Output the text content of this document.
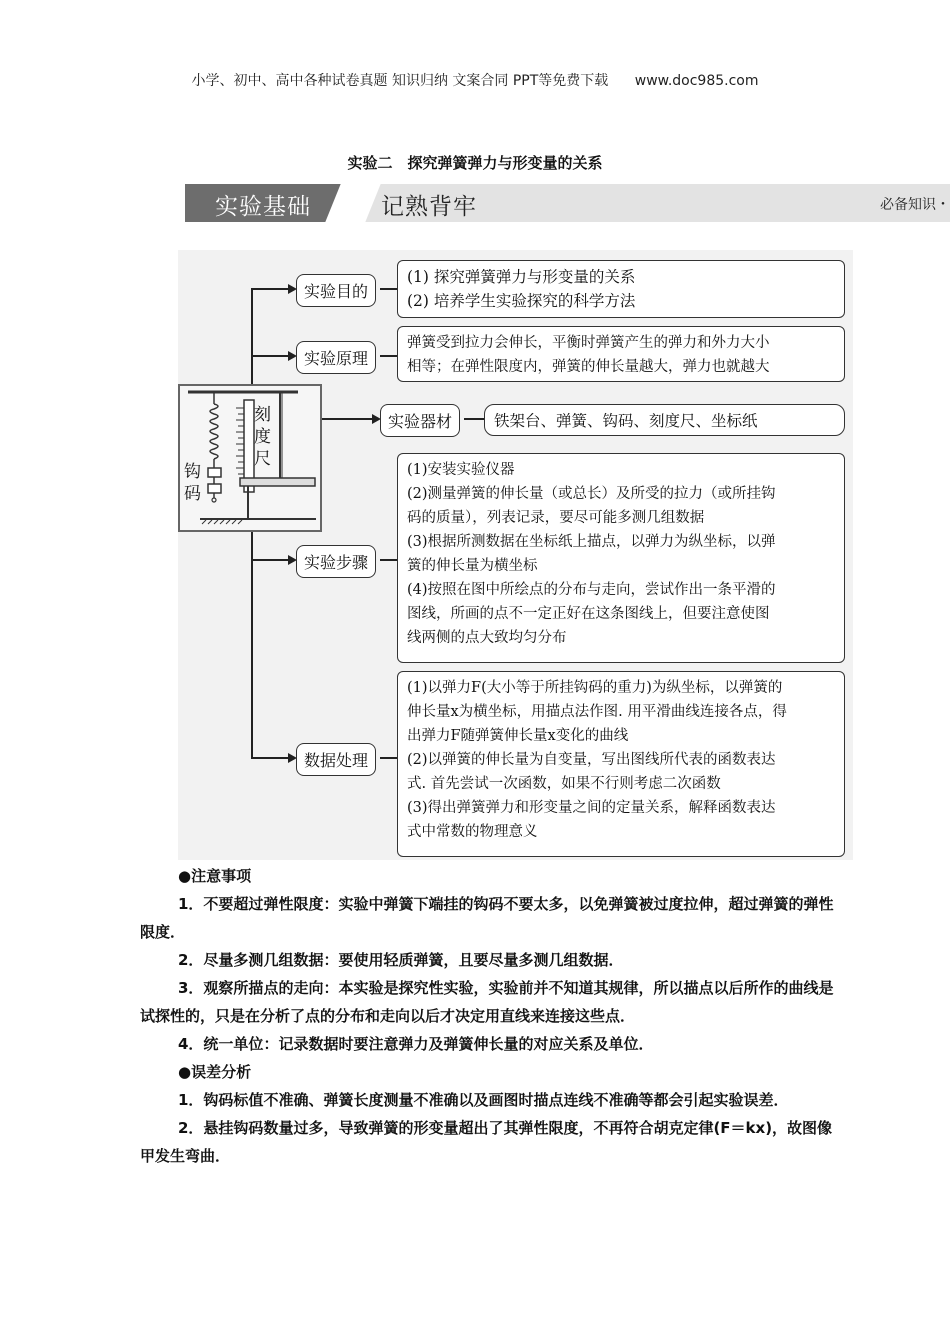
小学、初中、高中各种试卷真题 知识归纳 文案合同 PPT等免费下载 www.doc985.com
实验二　探究弹簧弹力与形变量的关系
实验基础	记熟背牢	必备知识・
刻度尺
钩码
实验目的
实验原理
实验器材
实验步骤
数据处理

(1) 探究弹簧弹力与形变量的关系

(2) 培养学生实验探究的科学方法

弹簧受到拉力会伸长，平衡时弹簧产生的弹力和外力大小

相等；在弹性限度内，弹簧的伸长量越大，弹力也就越大

铁架台、弹簧、钩码、刻度尺、坐标纸

(1)安装实验仪器

(2)测量弹簧的伸长量（或总长）及所受的拉力（或所挂钩

码的质量），列表记录，要尽可能多测几组数据

(3)根据所测数据在坐标纸上描点，以弹力为纵坐标，以弹

簧的伸长量为横坐标

(4)按照在图中所绘点的分布与走向，尝试作出一条平滑的

图线，所画的点不一定正好在这条图线上，但要注意使图

线两侧的点大致均匀分布

(1)以弹力F(大小等于所挂钩码的重力)为纵坐标，以弹簧的

伸长量x为横坐标，用描点法作图. 用平滑曲线连接各点，得

出弹力F随弹簧伸长量x变化的曲线

(2)以弹簧的伸长量为自变量，写出图线所代表的函数表达

式. 首先尝试一次函数，如果不行则考虑二次函数

(3)得出弹簧弹力和形变量之间的定量关系，解释函数表达

式中常数的物理意义

●注意事项

1．不要超过弹性限度：实验中弹簧下端挂的钩码不要太多，以免弹簧被过度拉伸，超过弹簧的弹性限度．

2．尽量多测几组数据：要使用轻质弹簧，且要尽量多测几组数据．

3．观察所描点的走向：本实验是探究性实验，实验前并不知道其规律，所以描点以后所作的曲线是试探性的，只是在分析了点的分布和走向以后才决定用直线来连接这些点．

4．统一单位：记录数据时要注意弹力及弹簧伸长量的对应关系及单位．

●误差分析

1．钩码标值不准确、弹簧长度测量不准确以及画图时描点连线不准确等都会引起实验误差．

2．悬挂钩码数量过多，导致弹簧的形变量超出了其弹性限度，不再符合胡克定律(F＝kx)，故图像甲发生弯曲．
